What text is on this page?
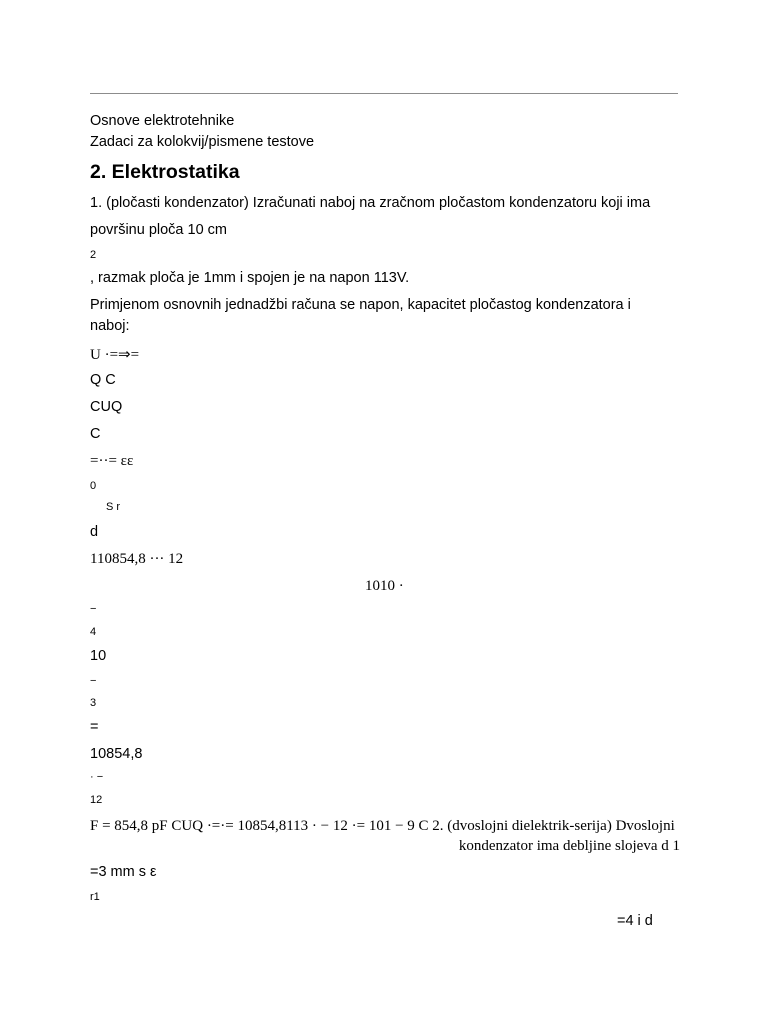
Osnove elektrotehnike
Zadaci za kolokvij/pismene testove
2. Elektrostatika
1. (pločasti kondenzator) Izračunati naboj na zračnom pločastom kondenzatoru koji ima
površinu ploča 10 cm
2
, razmak ploča je 1mm i spojen je na napon 113V.
Primjenom osnovnih jednadžbi računa se napon, kapacitet pločastog kondenzatora i
naboj:
U ·=⇒=
Q C
CUQ
C
=··= εε
0
S r
d
110854,8 ··· 12
1010 ·
−
4
10
−
3
=
10854,8
· −
12
F = 854,8 pF CUQ ·=·= 10854,8113 · − 12 ·= 101 − 9 C 2. (dvoslojni dielektrik-serija) Dvoslojni
kondenzator ima debljine slojeva d 1
=3 mm s ε
r1
=4 i d
